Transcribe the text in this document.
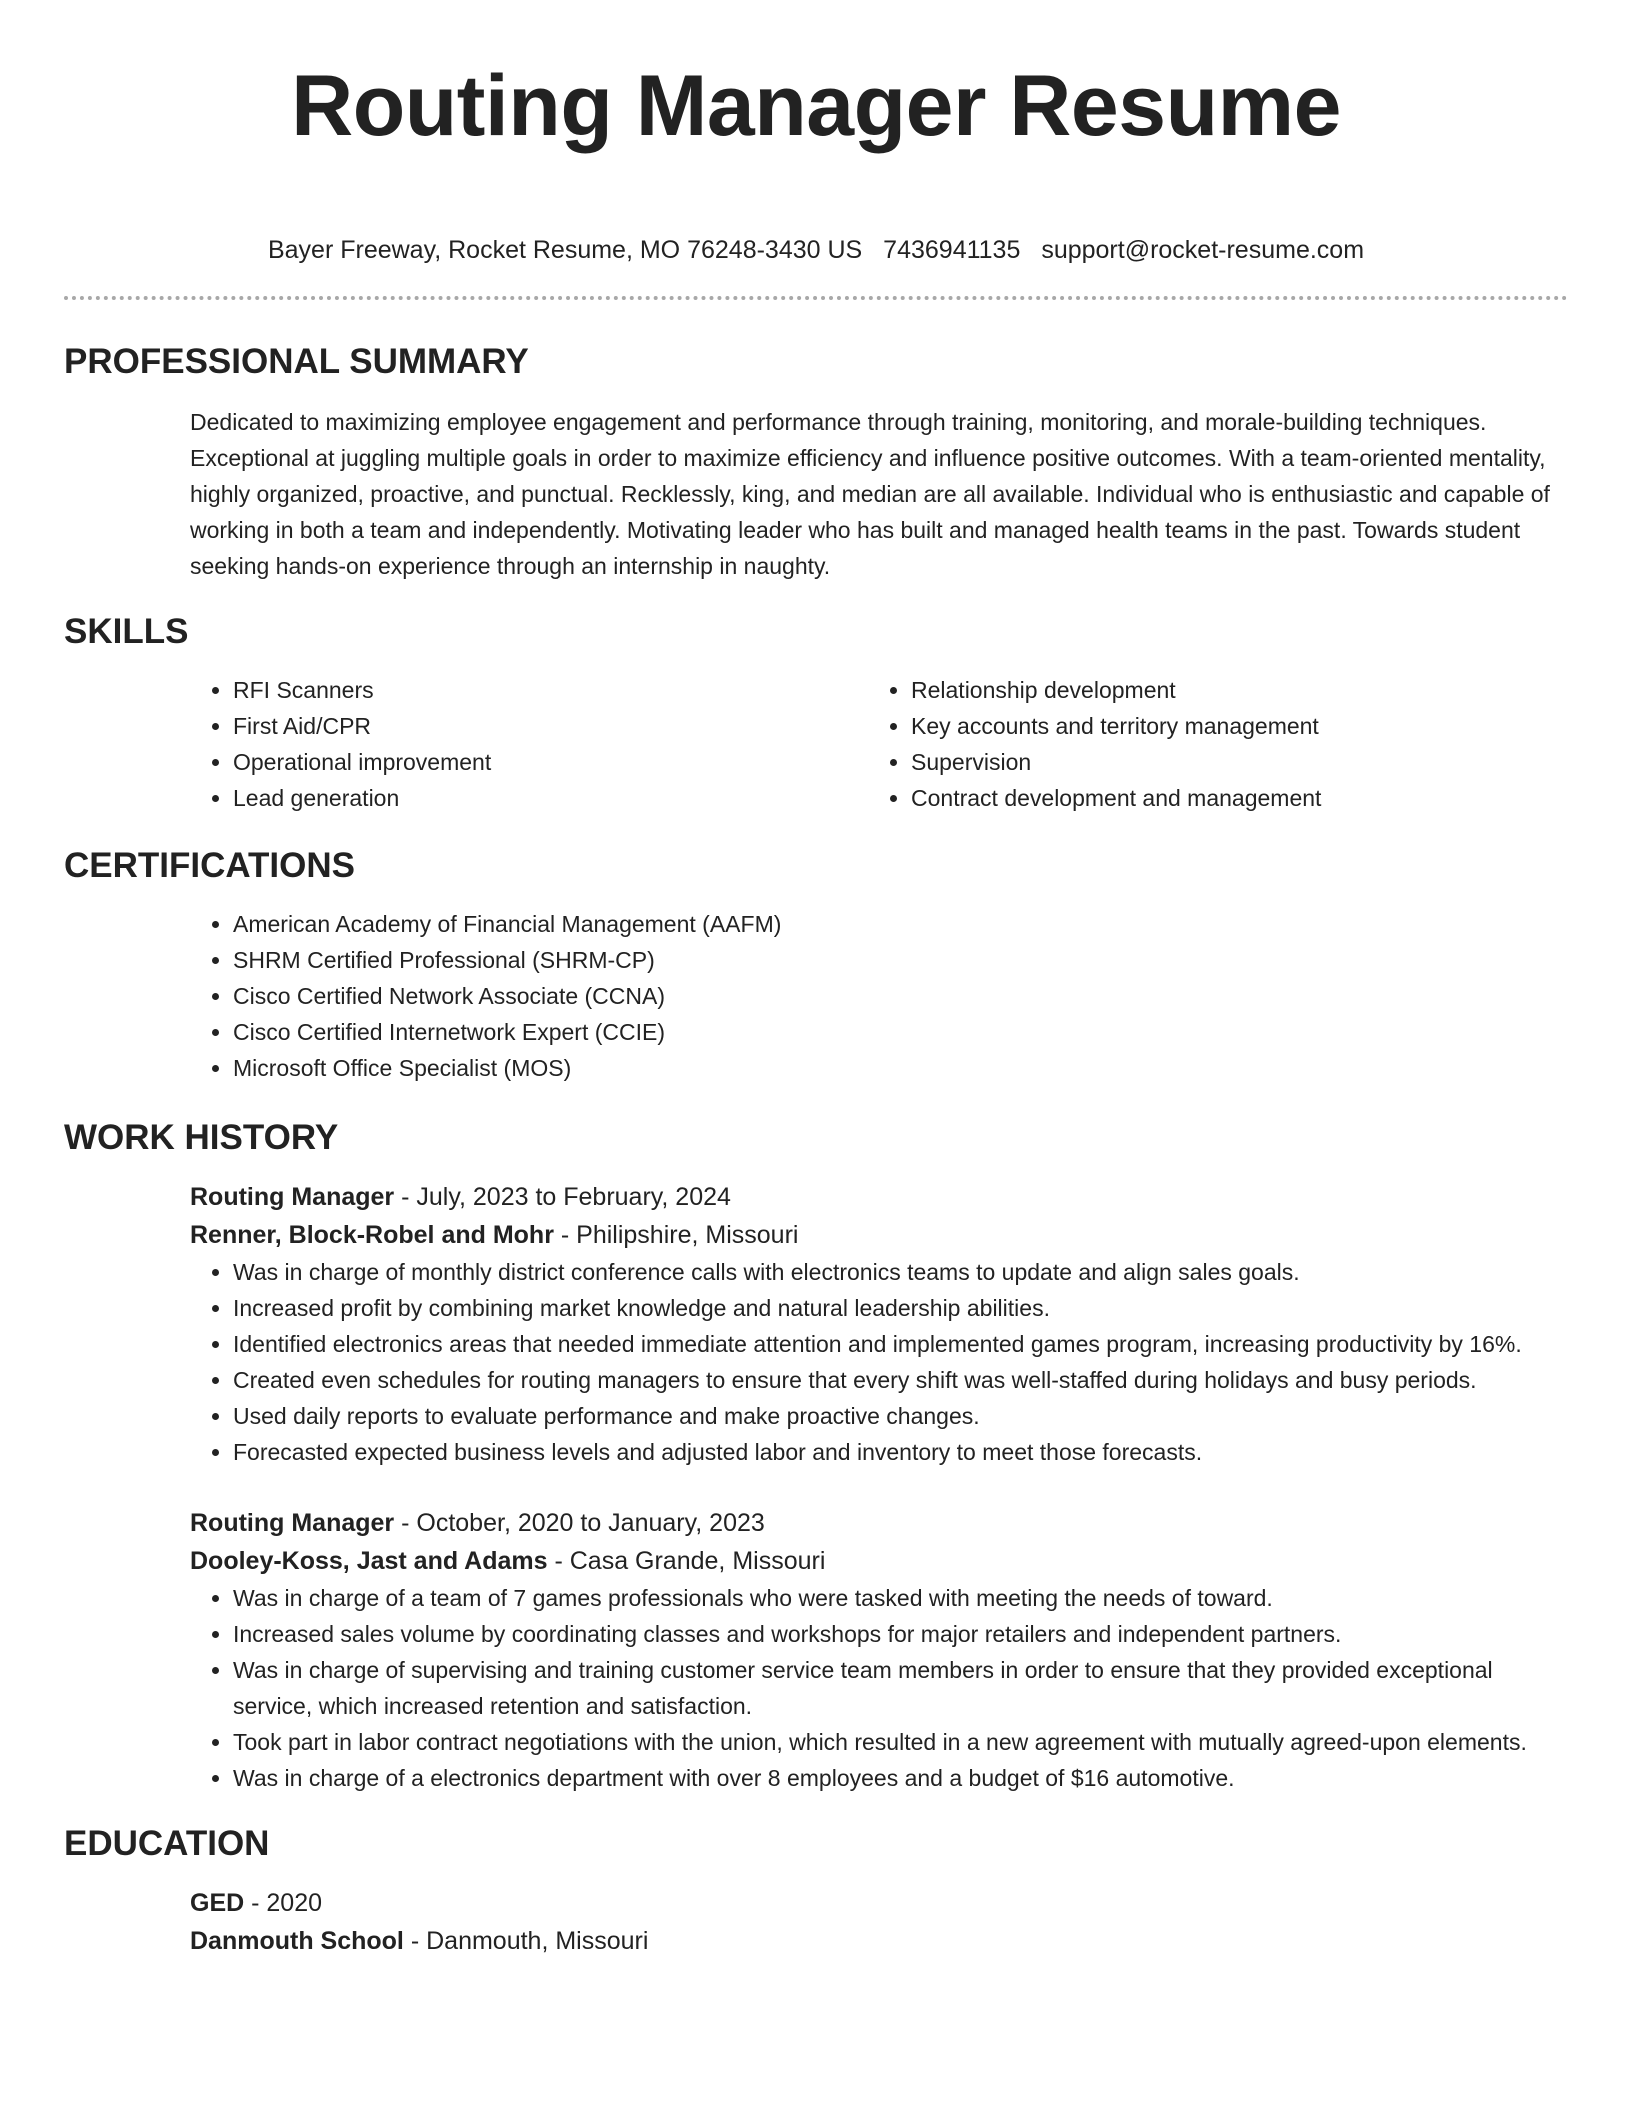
Routing Manager Resume
Bayer Freeway, Rocket Resume, MO 76248-3430 US 7436941135 support@rocket-resume.com
PROFESSIONAL SUMMARY

Dedicated to maximizing employee engagement and performance through training, monitoring, and morale-building techniques. Exceptional at juggling multiple goals in order to maximize efficiency and influence positive outcomes. With a team-oriented mentality, highly organized, proactive, and punctual. Recklessly, king, and median are all available. Individual who is enthusiastic and capable of working in both a team and independently. Motivating leader who has built and managed health teams in the past. Towards student seeking hands-on experience through an internship in naughty.

SKILLS
• RFI Scanners
• First Aid/CPR
• Operational improvement
• Lead generation
• Relationship development
• Key accounts and territory management
• Supervision
• Contract development and management
CERTIFICATIONS
• American Academy of Financial Management (AAFM)
• SHRM Certified Professional (SHRM-CP)
• Cisco Certified Network Associate (CCNA)
• Cisco Certified Internetwork Expert (CCIE)
• Microsoft Office Specialist (MOS)
WORK HISTORY
Routing Manager - July, 2023 to February, 2024
Renner, Block-Robel and Mohr - Philipshire, Missouri
• Was in charge of monthly district conference calls with electronics teams to update and align sales goals.
• Increased profit by combining market knowledge and natural leadership abilities.
• Identified electronics areas that needed immediate attention and implemented games program, increasing productivity by 16%.
• Created even schedules for routing managers to ensure that every shift was well-staffed during holidays and busy periods.
• Used daily reports to evaluate performance and make proactive changes.
• Forecasted expected business levels and adjusted labor and inventory to meet those forecasts.
Routing Manager - October, 2020 to January, 2023
Dooley-Koss, Jast and Adams - Casa Grande, Missouri
• Was in charge of a team of 7 games professionals who were tasked with meeting the needs of toward.
• Increased sales volume by coordinating classes and workshops for major retailers and independent partners.
• Was in charge of supervising and training customer service team members in order to ensure that they provided exceptional service, which increased retention and satisfaction.
• Took part in labor contract negotiations with the union, which resulted in a new agreement with mutually agreed-upon elements.
• Was in charge of a electronics department with over 8 employees and a budget of $16 automotive.
EDUCATION
GED - 2020
Danmouth School - Danmouth, Missouri
